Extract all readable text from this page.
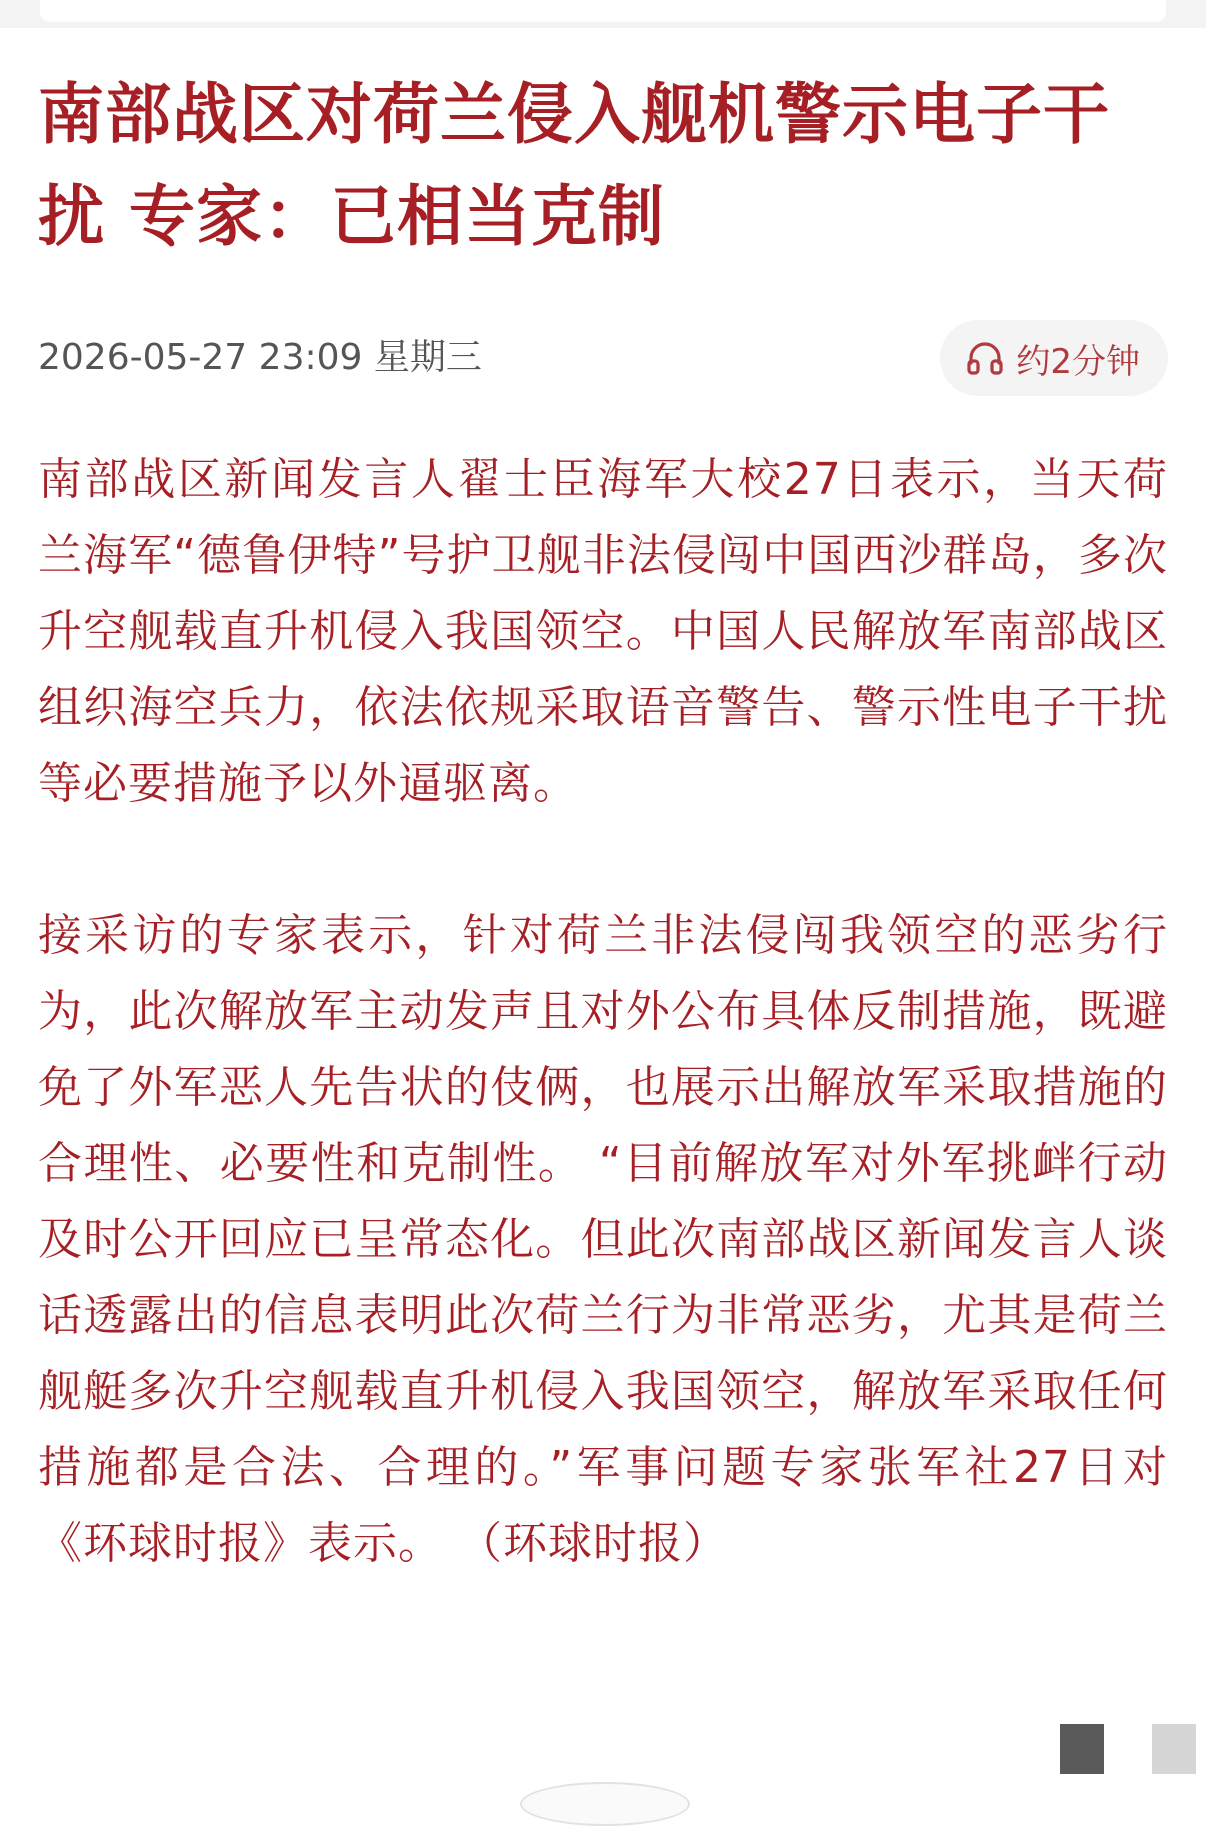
南部战区对荷兰侵入舰机警示电子干扰 专家：已相当克制
2026-05-27 23:09 星期三	约2分钟

南部战区新闻发言人翟士臣海军大校27日表示，当天荷兰海军“德鲁伊特”号护卫舰非法侵闯中国西沙群岛，多次升空舰载直升机侵入我国领空。中国人民解放军南部战区组织海空兵力，依法依规采取语音警告、警示性电子干扰等必要措施予以外逼驱离。

接采访的专家表示，针对荷兰非法侵闯我领空的恶劣行为，此次解放军主动发声且对外公布具体反制措施，既避免了外军恶人先告状的伎俩，也展示出解放军采取措施的合理性、必要性和克制性。 “目前解放军对外军挑衅行动及时公开回应已呈常态化。但此次南部战区新闻发言人谈话透露出的信息表明此次荷兰行为非常恶劣，尤其是荷兰舰艇多次升空舰载直升机侵入我国领空，解放军采取任何措施都是合法、合理的。”军事问题专家张军社27日对《环球时报》表示。 （环球时报）
